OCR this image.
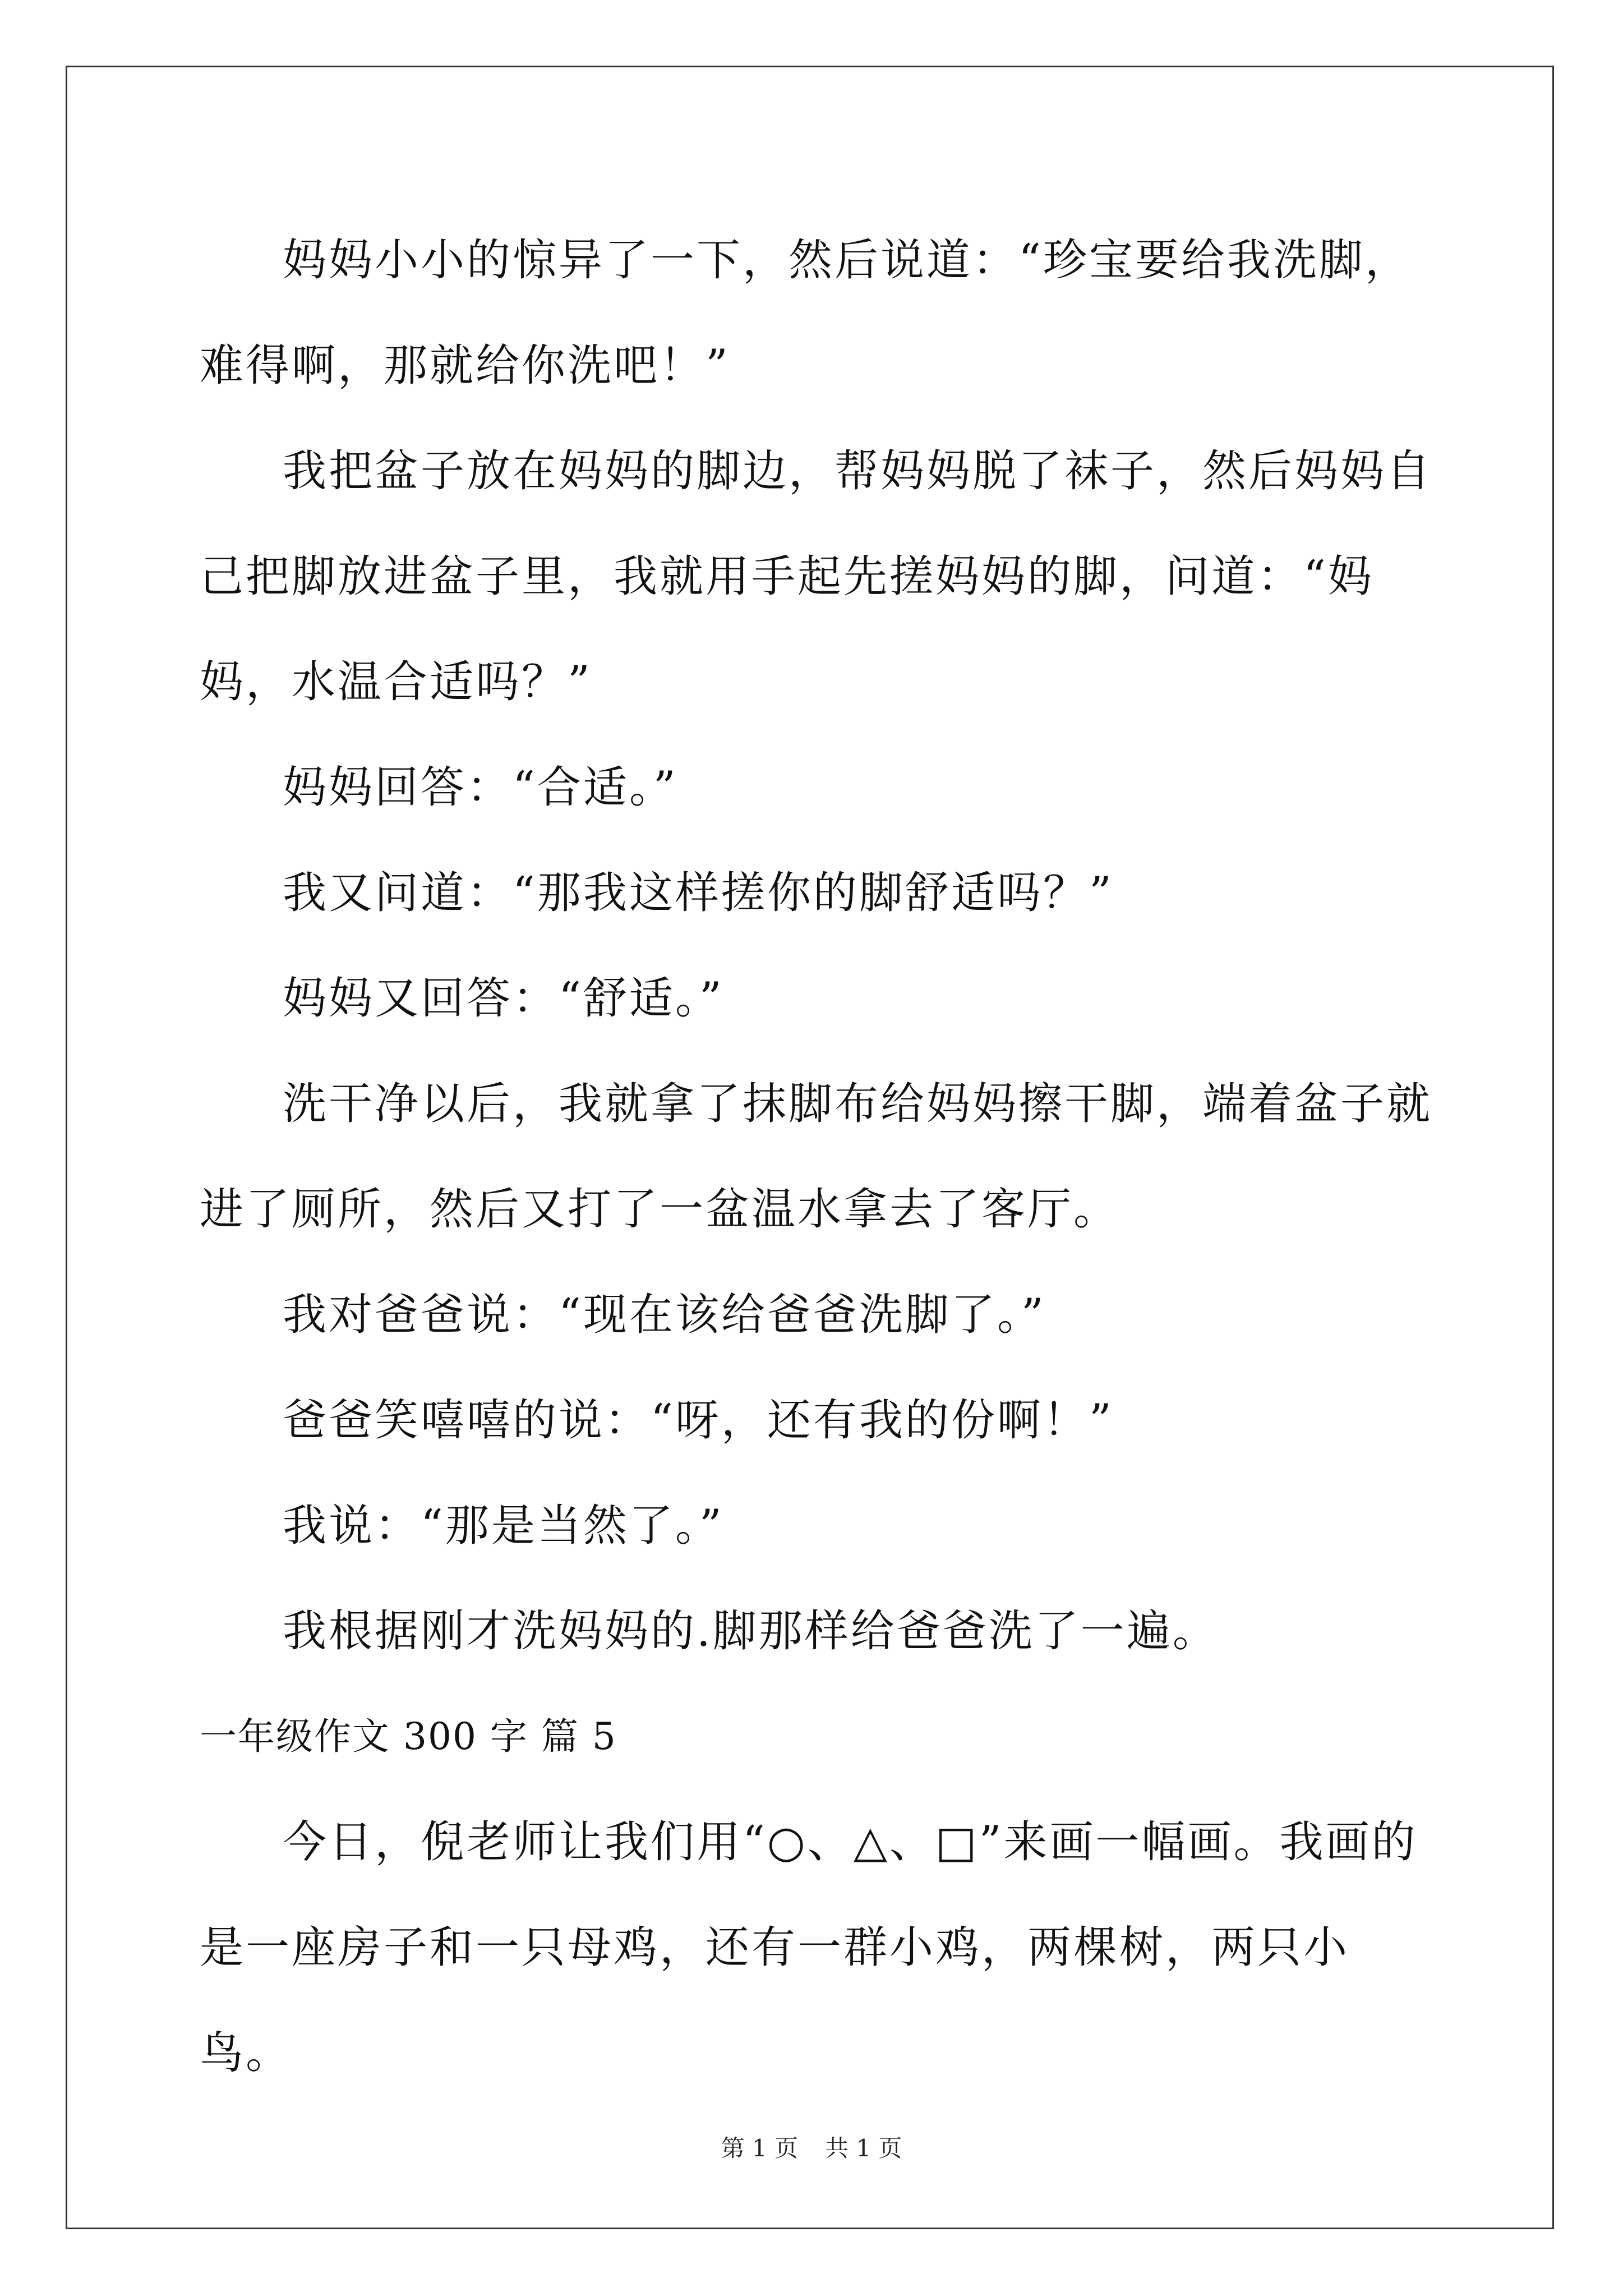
妈妈小小的惊异了一下，然后说道：“珍宝要给我洗脚，难得啊，那就给你洗吧！”

我把盆子放在妈妈的脚边，帮妈妈脱了袜子，然后妈妈自己把脚放进盆子里，我就用手起先搓妈妈的脚，问道：“妈妈，水温合适吗？”

妈妈回答：“合适。”

我又问道：“那我这样搓你的脚舒适吗？”

妈妈又回答：“舒适。”

洗干净以后，我就拿了抹脚布给妈妈擦干脚，端着盆子就进了厕所，然后又打了一盆温水拿去了客厅。

我对爸爸说：“现在该给爸爸洗脚了。”

爸爸笑嘻嘻的说：“呀，还有我的份啊！”

我说：“那是当然了。”

我根据刚才洗妈妈的.脚那样给爸爸洗了一遍。

一年级作文 300 字 篇 5

今日，倪老师让我们用“○、△、□”来画一幅画。我画的是一座房子和一只母鸡，还有一群小鸡，两棵树，两只小鸟。

第 1 页 共 1 页
